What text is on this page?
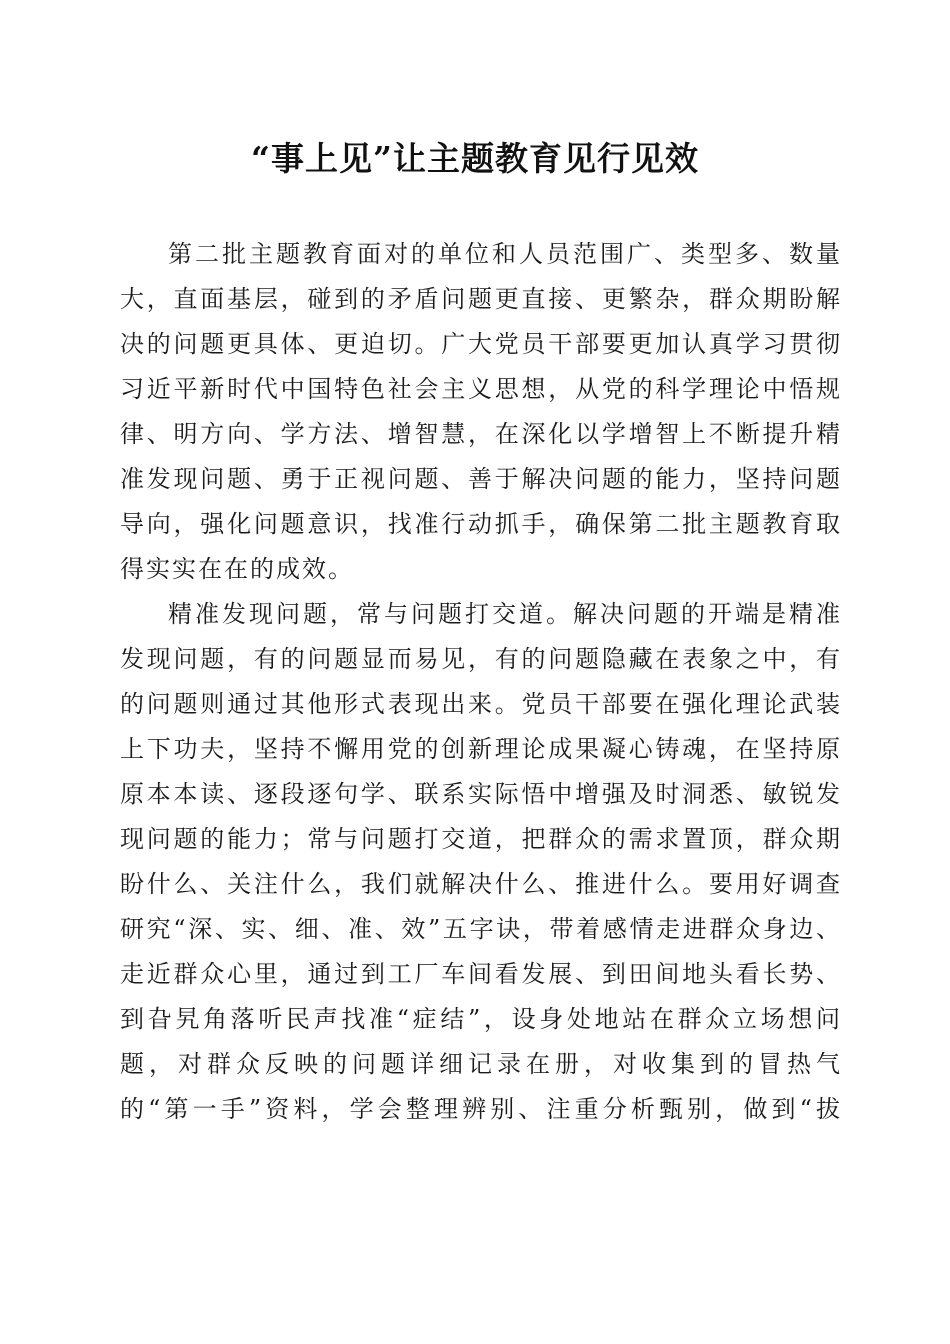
“事上见”让主题教育见行见效
第二批主题教育面对的单位和人员范围广、类型多、数量
大，直面基层，碰到的矛盾问题更直接、更繁杂，群众期盼解
决的问题更具体、更迫切。广大党员干部要更加认真学习贯彻
习近平新时代中国特色社会主义思想，从党的科学理论中悟规
律、明方向、学方法、增智慧，在深化以学增智上不断提升精
准发现问题、勇于正视问题、善于解决问题的能力，坚持问题
导向，强化问题意识，找准行动抓手，确保第二批主题教育取
得实实在在的成效。
精准发现问题，常与问题打交道。解决问题的开端是精准
发现问题，有的问题显而易见，有的问题隐藏在表象之中，有
的问题则通过其他形式表现出来。党员干部要在强化理论武装
上下功夫，坚持不懈用党的创新理论成果凝心铸魂，在坚持原
原本本读、逐段逐句学、联系实际悟中增强及时洞悉、敏锐发
现问题的能力；常与问题打交道，把群众的需求置顶，群众期
盼什么、关注什么，我们就解决什么、推进什么。要用好调查
研究“深、实、细、准、效”五字诀，带着感情走进群众身边、
走近群众心里，通过到工厂车间看发展、到田间地头看长势、
到旮旯角落听民声找准“症结”，设身处地站在群众立场想问
题，对群众反映的问题详细记录在册，对收集到的冒热气
的“第一手”资料，学会整理辨别、注重分析甄别，做到“拔
